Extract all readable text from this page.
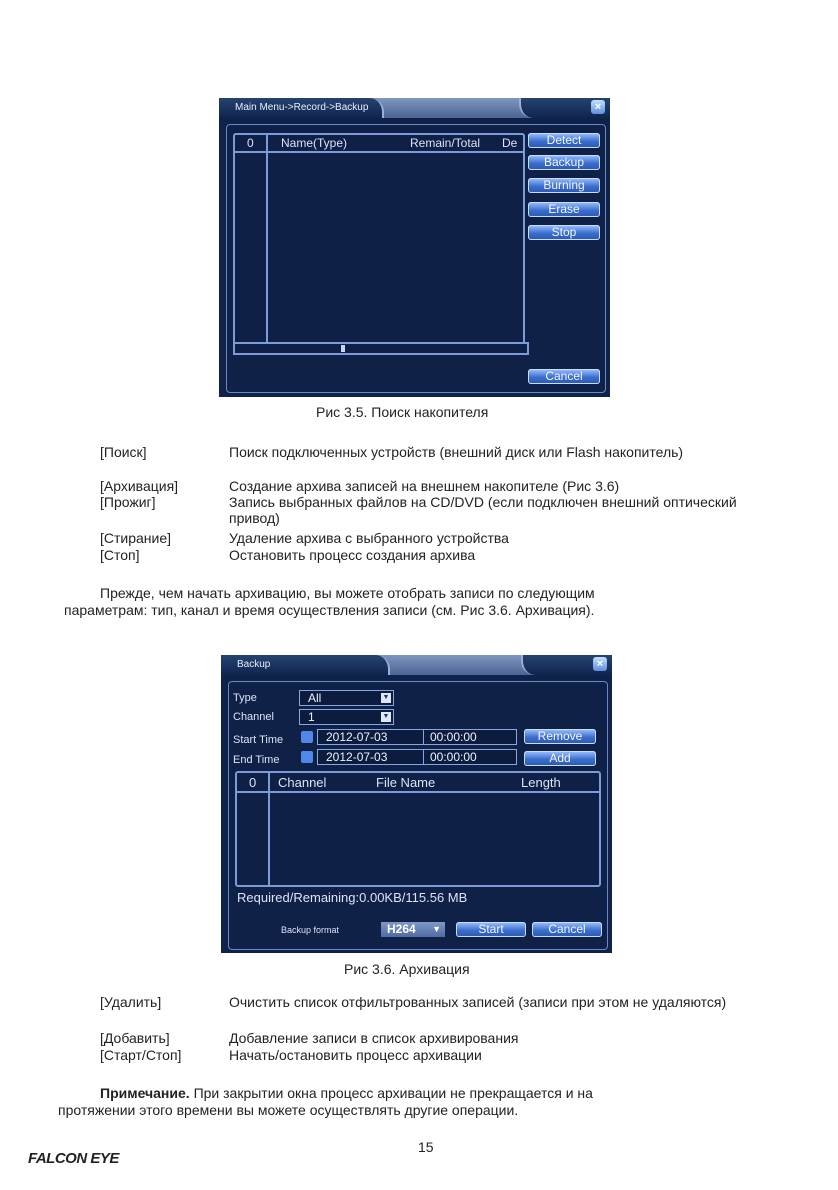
Main Menu->Record->Backup	×
0 Name(Type)	Remain/Total De	Detect
Backup
Burning
Erase
Stop
Cancel
Рис 3.5. Поиск накопителя
[Поиск]	Поиск подключенных устройств (внешний диск или Flash накопитель)
[Архивация]	Создание архива записей на внешнем накопителе (Рис 3.6)
[Прожиг]	Запись выбранных файлов на CD/DVD (если подключен внешний оптический привод)
[Стирание]	Удаление архива с выбранного устройства
[Стоп]	Остановить процесс создания архива
Прежде, чем начать архивацию, вы можете отобрать записи по следующим
параметрам: тип, канал и время осуществления записи (см. Рис 3.6. Архивация).
Backup	×
Type	All	▼
Channel	1	▼
Start Time	2012-07-03	00:00:00
End Time	2012-07-03	00:00:00
Remove
Add
0 Channel	File Name	Length
Required/Remaining:0.00KB/115.56 MB
Backup format	H264 ▼	Start	Cancel
Рис 3.6. Архивация
[Удалить]	Очистить список отфильтрованных записей (записи при этом не удаляются)
[Добавить]	Добавление записи в список архивирования
[Старт/Стоп]	Начать/остановить процесс архивации
Примечание. При закрытии окна процесс архивации не прекращается и на
протяжении этого времени вы можете осуществлять другие операции.
15
FALCON EYE
